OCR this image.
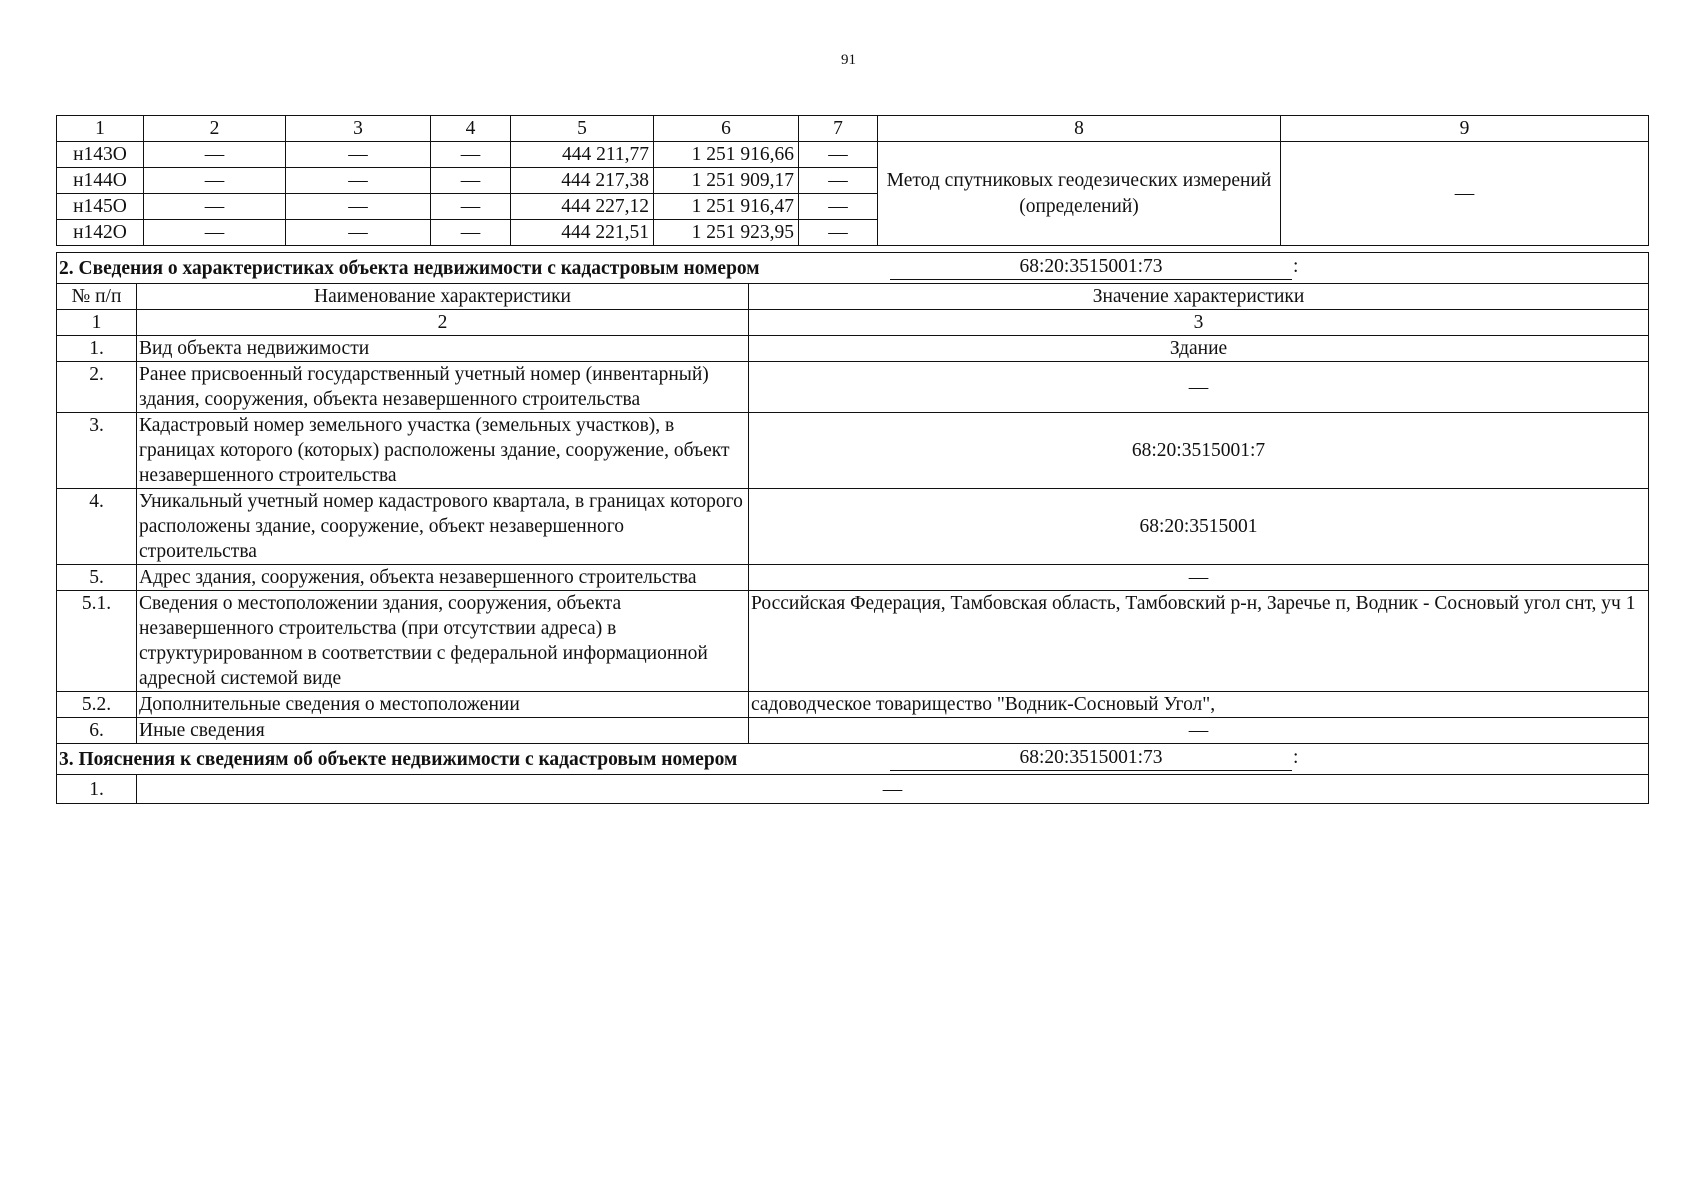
91
1	2	3	4	5	6	7	8	9
н143О	—	—	—	444 211,77	1 251 916,66	—	Метод спутниковых геодезических измерений (определений)	—
н144О	—	—	—	444 217,38	1 251 909,17	—		
н145О	—	—	—	444 227,12	1 251 916,47	—		
н142О	—	—	—	444 221,51	1 251 923,95	—		
2. Сведения о характеристиках объекта недвижимости с кадастровым номером 68:20:3515001:73 :		

№ п/п	Наименование характеристики	Значение характеристики
1	2	3
1.	Вид объекта недвижимости	Здание
2.	Ранее присвоенный государственный учетный номер (инвентарный) здания, сооружения, объекта незавершенного строительства	—
3.	Кадастровый номер земельного участка (земельных участков), в границах которого (которых) расположены здание, сооружение, объект незавершенного строительства	68:20:3515001:7
4.	Уникальный учетный номер кадастрового квартала, в границах которого расположены здание, сооружение, объект незавершенного строительства	68:20:3515001
5.	Адрес здания, сооружения, объекта незавершенного строительства	—
5.1.	Сведения о местоположении здания, сооружения, объекта незавершенного строительства (при отсутствии адреса) в структурированном в соответствии с федеральной информационной адресной системой виде	Российская Федерация, Тамбовская область, Тамбовский р-н, Заречье п, Водник - Сосновый угол снт, уч 1
5.2.	Дополнительные сведения о местоположении	садоводческое товарищество "Водник-Сосновый Угол",
6.	Иные сведения	—
3. Пояснения к сведениям об объекте недвижимости с кадастровым номером 68:20:3515001:73 :		

1.	—	
